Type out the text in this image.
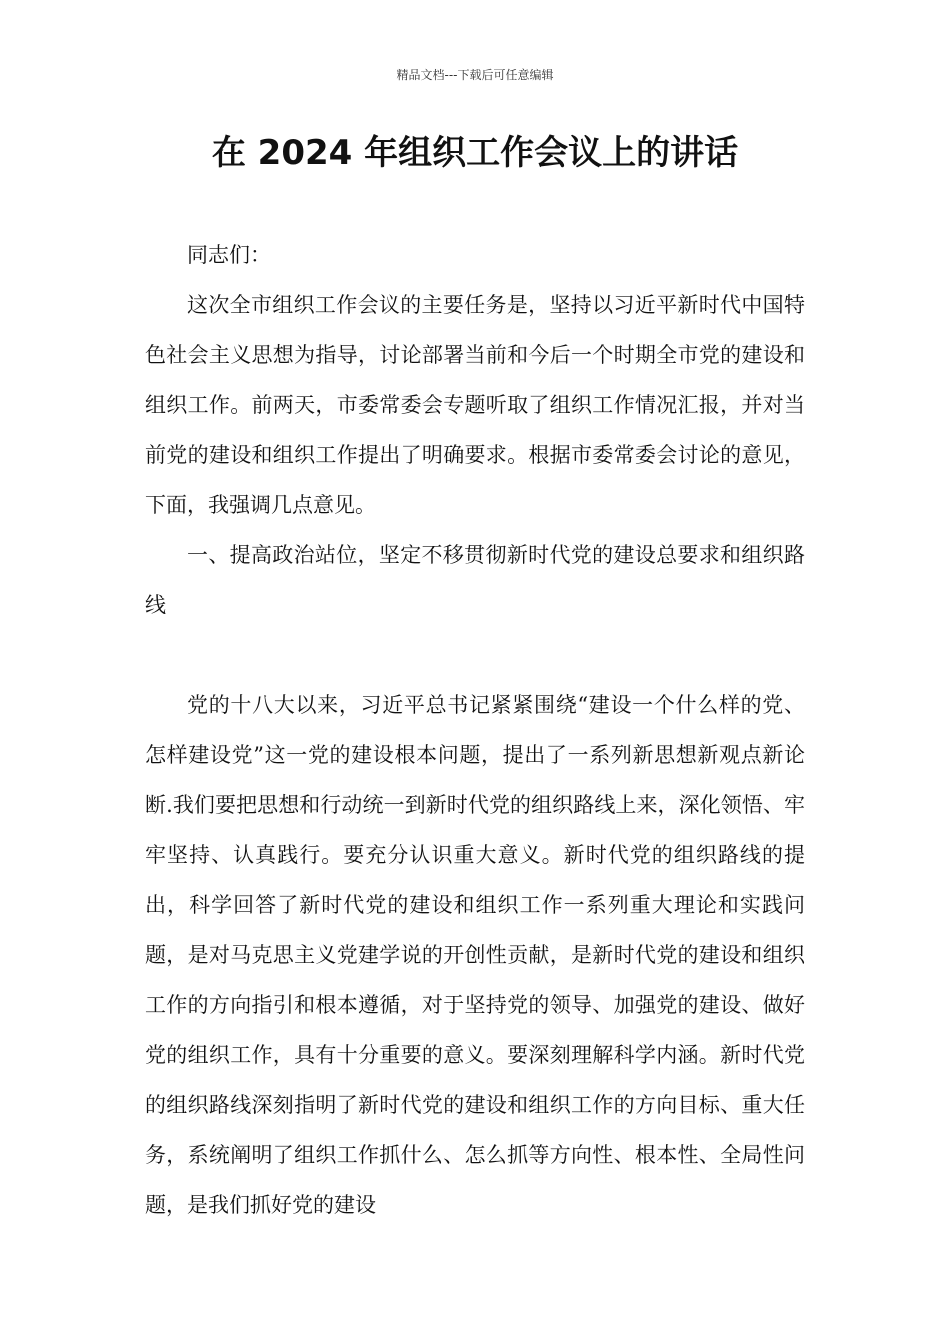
精品文档---下载后可任意编辑
在 2024 年组织工作会议上的讲话

同志们：

这次全市组织工作会议的主要任务是，坚持以习近平新时代中国特色社会主义思想为指导，讨论部署当前和今后一个时期全市党的建设和组织工作。前两天，市委常委会专题听取了组织工作情况汇报，并对当前党的建设和组织工作提出了明确要求。根据市委常委会讨论的意见，下面，我强调几点意见。

一、提高政治站位，坚定不移贯彻新时代党的建设总要求和组织路线

党的十八大以来，习近平总书记紧紧围绕“建设一个什么样的党、怎样建设党”这一党的建设根本问题，提出了一系列新思想新观点新论断.我们要把思想和行动统一到新时代党的组织路线上来，深化领悟、牢牢坚持、认真践行。要充分认识重大意义。新时代党的组织路线的提出，科学回答了新时代党的建设和组织工作一系列重大理论和实践问题，是对马克思主义党建学说的开创性贡献，是新时代党的建设和组织工作的方向指引和根本遵循，对于坚持党的领导、加强党的建设、做好党的组织工作，具有十分重要的意义。要深刻理解科学内涵。新时代党的组织路线深刻指明了新时代党的建设和组织工作的方向目标、重大任务，系统阐明了组织工作抓什么、怎么抓等方向性、根本性、全局性问题，是我们抓好党的建设
